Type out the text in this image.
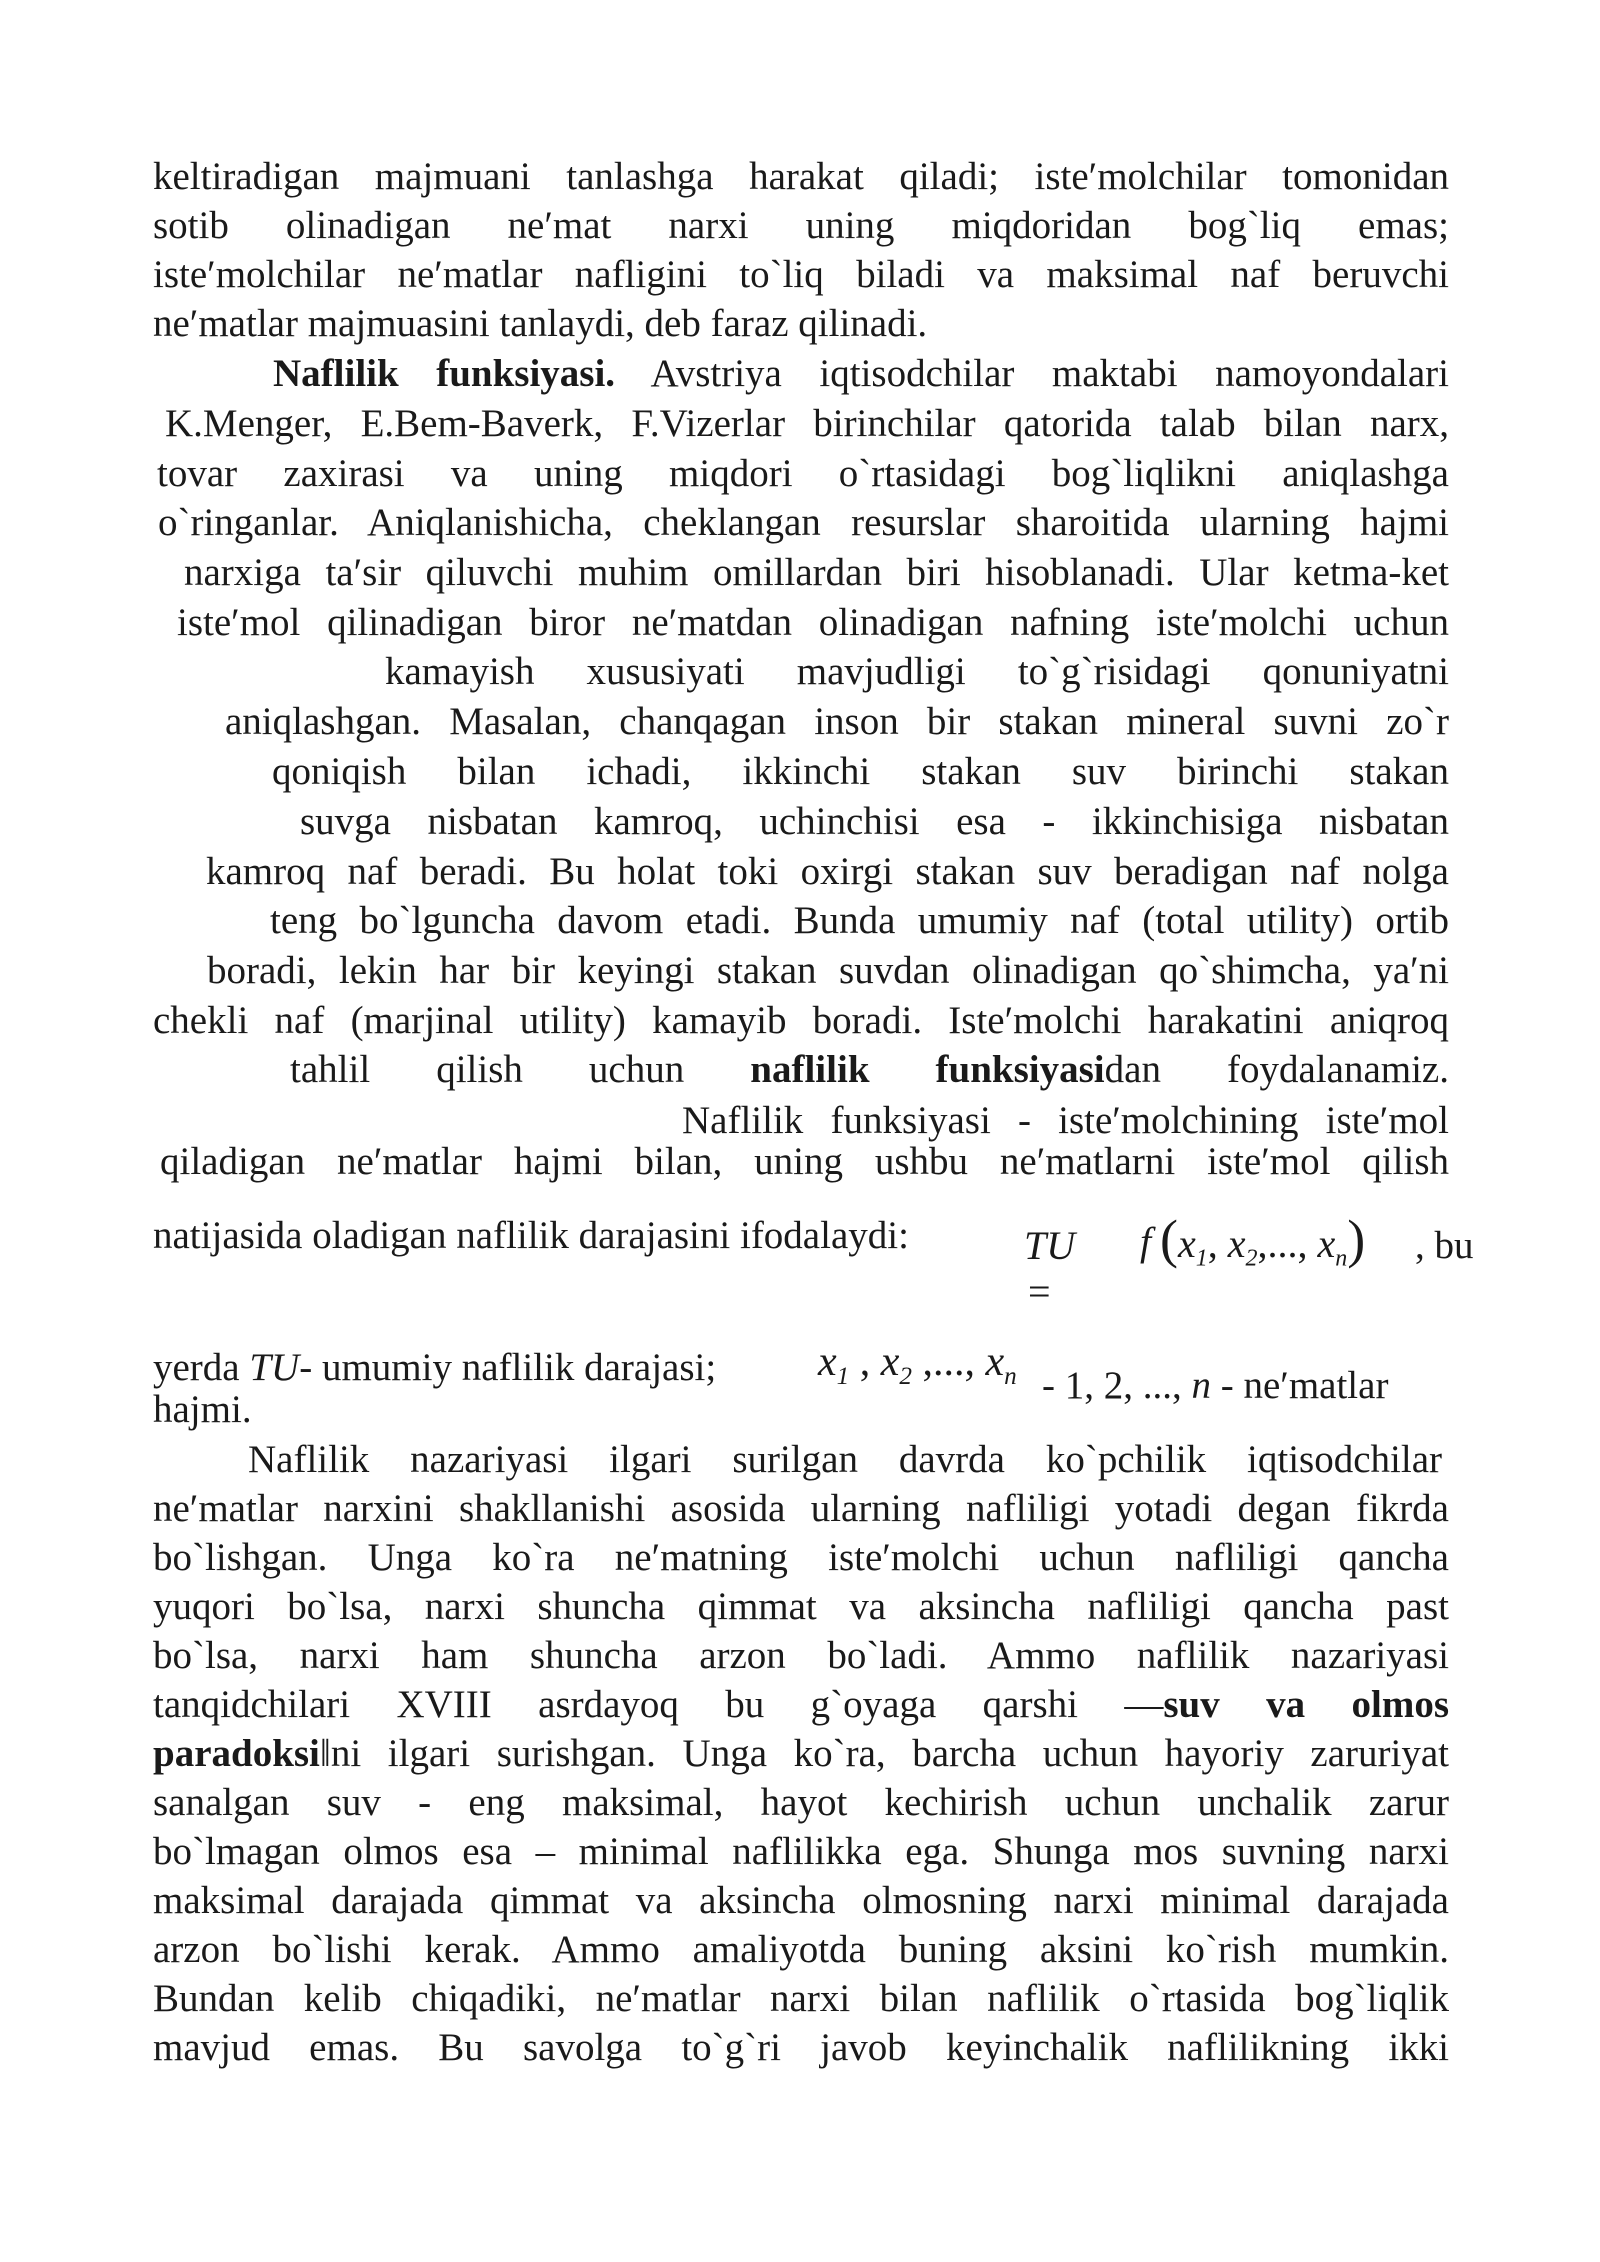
keltiradigan majmuani tanlashga harakat qiladi; iste′molchilar tomonidan
sotib olinadigan ne′mat narxi uning miqdoridan bog`liq emas;
iste′molchilar ne′matlar nafligini to`liq biladi va maksimal naf beruvchi
ne′matlar majmuasini tanlaydi, deb faraz qilinadi.
Naflilik funksiyasi. Avstriya iqtisodchilar maktabi namoyondalari
K.Menger, E.Bem-Baverk, F.Vizerlar birinchilar qatorida talab bilan narx,
tovar zaxirasi va uning miqdori o`rtasidagi bog`liqlikni aniqlashga
o`ringanlar. Aniqlanishicha, cheklangan resurslar sharoitida ularning hajmi
narxiga ta′sir qiluvchi muhim omillardan biri hisoblanadi. Ular ketma-ket
iste′mol qilinadigan biror ne′matdan olinadigan nafning iste′molchi uchun
kamayish xususiyati mavjudligi to`g`risidagi qonuniyatni
aniqlashgan. Masalan, chanqagan inson bir stakan mineral suvni zo`r
qoniqish bilan ichadi, ikkinchi stakan suv birinchi stakan
suvga nisbatan kamroq, uchinchisi esa - ikkinchisiga nisbatan
kamroq naf beradi. Bu holat toki oxirgi stakan suv beradigan naf nolga
teng bo`lguncha davom etadi. Bunda umumiy naf (total utility) ortib
boradi, lekin har bir keyingi stakan suvdan olinadigan qo`shimcha, ya′ni
chekli naf (marjinal utility) kamayib boradi. Iste′molchi harakatini aniqroq
tahlil qilish uchun naflilik funksiyasidan foydalanamiz.
Naflilik funksiyasi - iste′molchining iste′mol
qiladigan ne′matlar hajmi bilan, uning ushbu ne′matlarni iste′mol qilish
natijasida oladigan naflilik darajasini ifodalaydi:	TU
=
f ($x_1$, $x_2$,..., $x_n$) , bu
yerda TU- umumiy naflilik darajasi; $x_1$ , $x_2$ ,..., $x_n - 1$, 2, ..., n - ne′matlar
hajmi.
Naflilik nazariyasi ilgari surilgan davrda ko`pchilik iqtisodchilar
ne′matlar narxini shakllanishi asosida ularning nafliligi yotadi degan fikrda
bo`lishgan. Unga ko`ra ne′matning iste′molchi uchun nafliligi qancha
yuqori bo`lsa, narxi shuncha qimmat va aksincha nafliligi qancha past
bo`lsa, narxi ham shuncha arzon bo`ladi. Ammo naflilik nazariyasi
tanqidchilari XVIII asrdayoq bu g`oyaga qarshi ―suv va olmos
paradoksi‖ni ilgari surishgan. Unga ko`ra, barcha uchun hayoriy zaruriyat
sanalgan suv - eng maksimal, hayot kechirish uchun unchalik zarur
bo`lmagan olmos esa – minimal naflilikka ega. Shunga mos suvning narxi
maksimal darajada qimmat va aksincha olmosning narxi minimal darajada
arzon bo`lishi kerak. Ammo amaliyotda buning aksini ko`rish mumkin.
Bundan kelib chiqadiki, ne′matlar narxi bilan naflilik o`rtasida bog`liqlik
mavjud emas. Bu savolga to`g`ri javob keyinchalik naflilikning ikki
